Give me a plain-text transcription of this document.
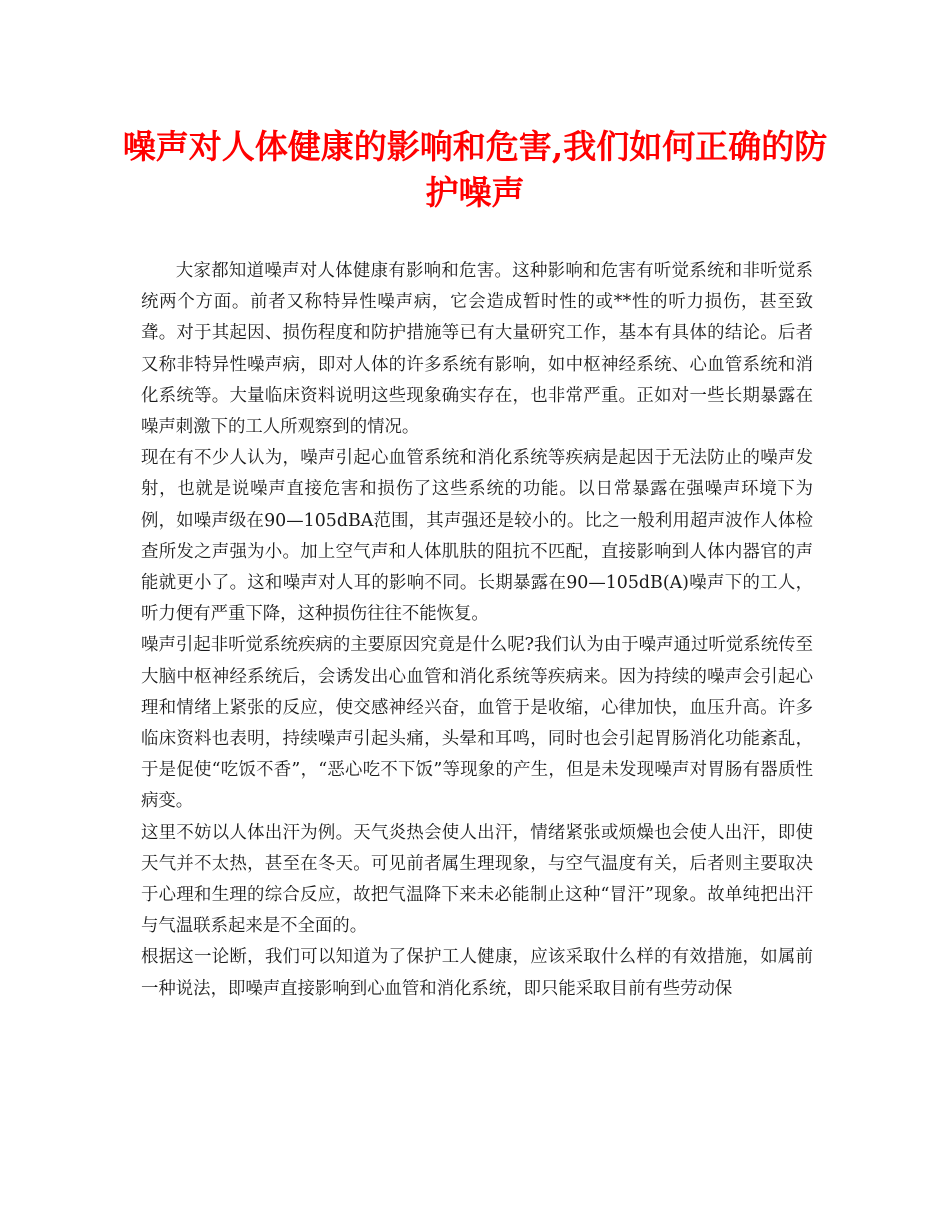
噪声对人体健康的影响和危害,我们如何正确的防护噪声

大家都知道噪声对人体健康有影响和危害。这种影响和危害有听觉系统和非听觉系统两个方面。前者又称特异性噪声病，它会造成暂时性的或**性的听力损伤，甚至致聋。对于其起因、损伤程度和防护措施等已有大量研究工作，基本有具体的结论。后者又称非特异性噪声病，即对人体的许多系统有影响，如中枢神经系统、心血管系统和消化系统等。大量临床资料说明这些现象确实存在，也非常严重。正如对一些长期暴露在噪声刺激下的工人所观察到的情况。

现在有不少人认为，噪声引起心血管系统和消化系统等疾病是起因于无法防止的噪声发射，也就是说噪声直接危害和损伤了这些系统的功能。以日常暴露在强噪声环境下为例，如噪声级在90—105dBA范围，其声强还是较小的。比之一般利用超声波作人体检查所发之声强为小。加上空气声和人体肌肤的阻抗不匹配，直接影响到人体内器官的声能就更小了。这和噪声对人耳的影响不同。长期暴露在90—105dB(A)噪声下的工人，听力便有严重下降，这种损伤往往不能恢复。

噪声引起非听觉系统疾病的主要原因究竟是什么呢?我们认为由于噪声通过听觉系统传至大脑中枢神经系统后，会诱发出心血管和消化系统等疾病来。因为持续的噪声会引起心理和情绪上紧张的反应，使交感神经兴奋，血管于是收缩，心律加快，血压升高。许多临床资料也表明，持续噪声引起头痛，头晕和耳鸣，同时也会引起胃肠消化功能紊乱，于是促使“吃饭不香”，“恶心吃不下饭”等现象的产生，但是未发现噪声对胃肠有器质性病变。

这里不妨以人体出汗为例。天气炎热会使人出汗，情绪紧张或烦燥也会使人出汗，即使天气并不太热，甚至在冬天。可见前者属生理现象，与空气温度有关，后者则主要取决于心理和生理的综合反应，故把气温降下来未必能制止这种“冒汗”现象。故单纯把出汗与气温联系起来是不全面的。

根据这一论断，我们可以知道为了保护工人健康，应该采取什么样的有效措施，如属前一种说法，即噪声直接影响到心血管和消化系统，即只能采取目前有些劳动保
